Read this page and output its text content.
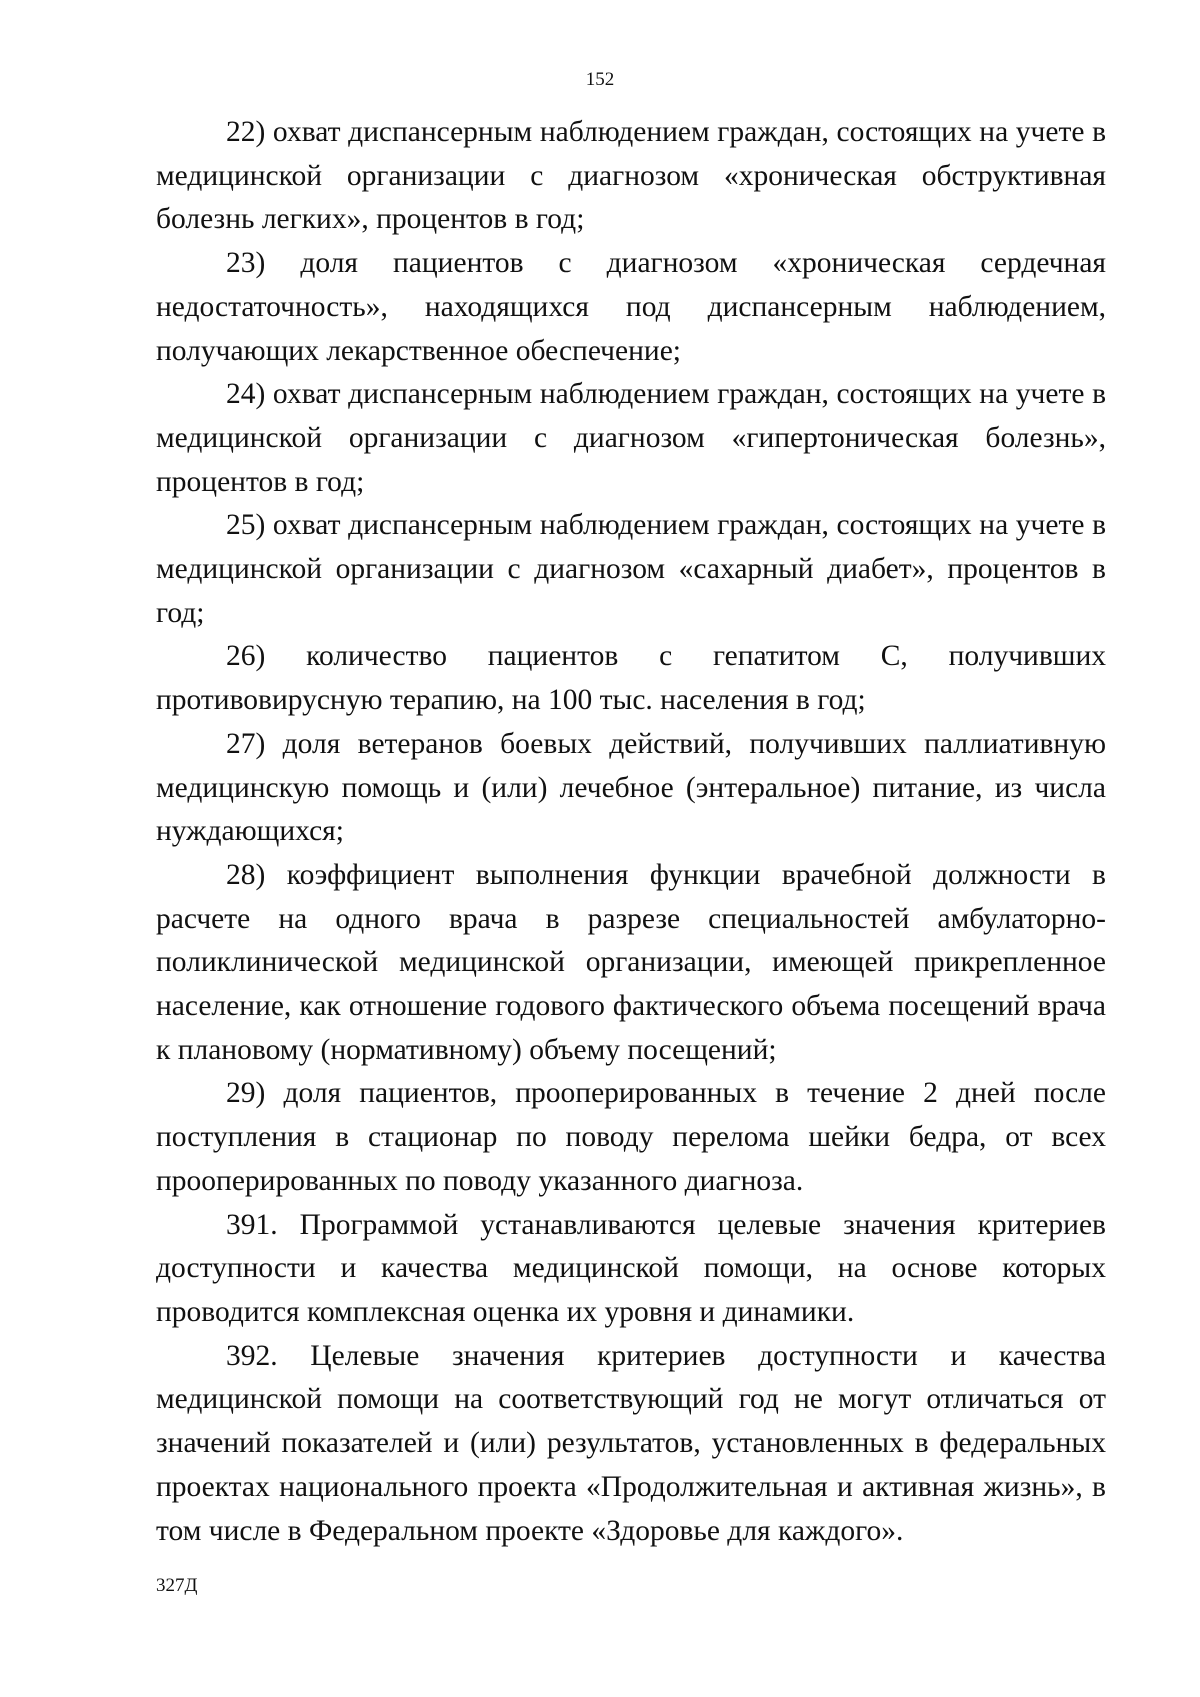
152

22) охват диспансерным наблюдением граждан, состоящих на учете в медицинской организации с диагнозом «хроническая обструктивная болезнь легких», процентов в год;

23) доля пациентов с диагнозом «хроническая сердечная недостаточность», находящихся под диспансерным наблюдением, получающих лекарственное обеспечение;

24) охват диспансерным наблюдением граждан, состоящих на учете в медицинской организации с диагнозом «гипертоническая болезнь», процентов в год;

25) охват диспансерным наблюдением граждан, состоящих на учете в медицинской организации с диагнозом «сахарный диабет», процентов в год;

26) количество пациентов с гепатитом С, получивших противовирусную терапию, на 100 тыс. населения в год;

27) доля ветеранов боевых действий, получивших паллиативную медицинскую помощь и (или) лечебное (энтеральное) питание, из числа нуждающихся;

28) коэффициент выполнения функции врачебной должности в расчете на одного врача в разрезе специальностей амбулаторно-поликлинической медицинской организации, имеющей прикрепленное население, как отношение годового фактического объема посещений врача к плановому (нормативному) объему посещений;

29) доля пациентов, прооперированных в течение 2 дней после поступления в стационар по поводу перелома шейки бедра, от всех прооперированных по поводу указанного диагноза.

391. Программой устанавливаются целевые значения критериев доступности и качества медицинской помощи, на основе которых проводится комплексная оценка их уровня и динамики.

392. Целевые значения критериев доступности и качества медицинской помощи на соответствующий год не могут отличаться от значений показателей и (или) результатов, установленных в федеральных проектах национального проекта «Продолжительная и активная жизнь», в том числе в Федеральном проекте «Здоровье для каждого».

327Д
